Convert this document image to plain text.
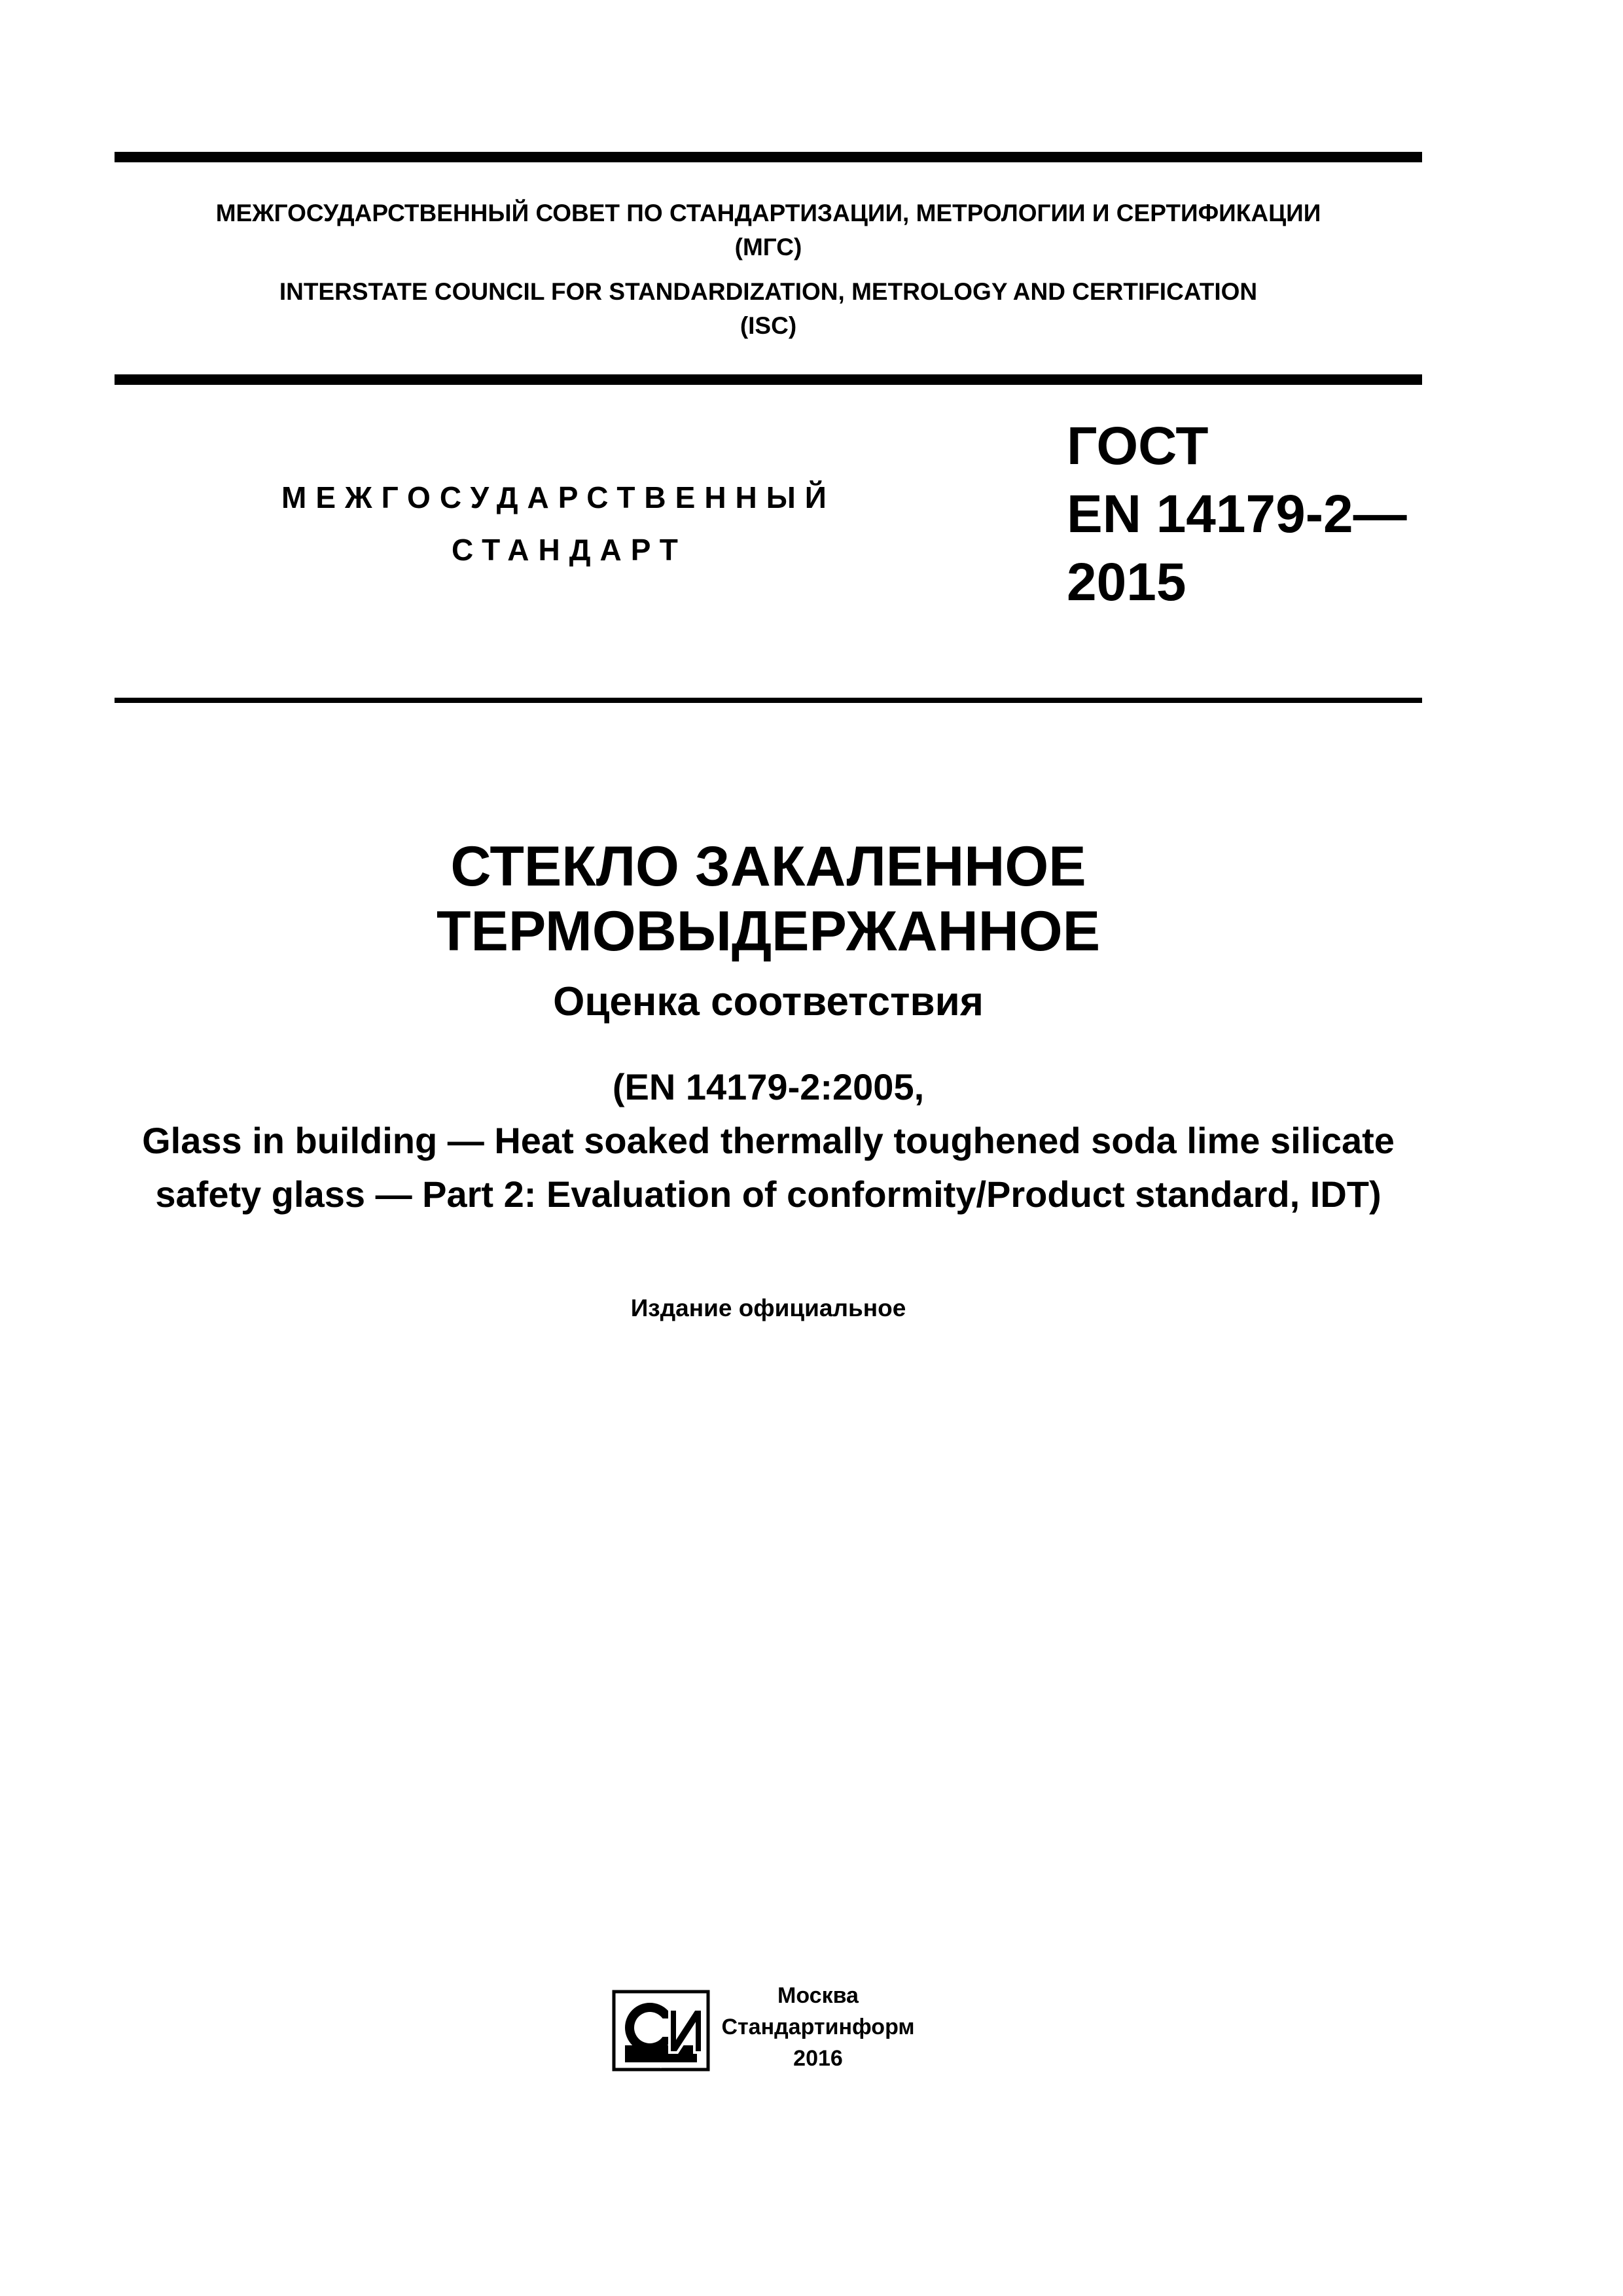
МЕЖГОСУДАРСТВЕННЫЙ СОВЕТ ПО СТАНДАРТИЗАЦИИ, МЕТРОЛОГИИ И СЕРТИФИКАЦИИ
(МГС)
INTERSTATE COUNCIL FOR STANDARDIZATION, METROLOGY AND CERTIFICATION
(ISC)
МЕЖГОСУДАРСТВЕННЫЙ
СТАНДАРТ
ГОСТ
EN 14179-2—
2015
СТЕКЛО ЗАКАЛЕННОЕ ТЕРМОВЫДЕРЖАННОЕ
Оценка соответствия
(EN 14179-2:2005,
Glass in building — Heat soaked thermally toughened soda lime silicate
safety glass — Part 2: Evaluation of conformity/Product standard, IDT)
Издание официальное
СИ
Москва
Стандартинформ
2016
